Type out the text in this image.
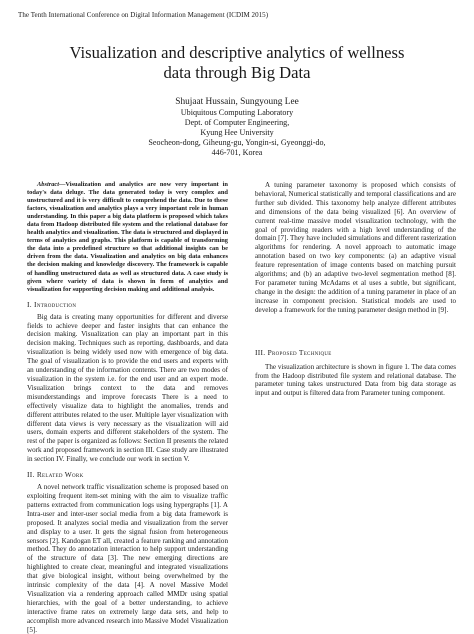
The Tenth International Conference on Digital Information Management (ICDIM 2015)
Visualization and descriptive analytics of wellness
data through Big Data
Shujaat Hussain, Sungyoung Lee
Ubiquitous Computing Laboratory
Dept. of Computer Engineering,
Kyung Hee University
Seocheon-dong, Giheung-gu, Yongin-si, Gyeonggi-do,
446-701, Korea

Abstract—Visualization and analytics are now very important in today's data deluge. The data generated today is very complex and unstructured and it is very difficult to comprehend the data. Due to these factors, visualization and analytics plays a very important role in human understanding. In this paper a big data platform is proposed which takes data from Hadoop distributed file system and the relational database for health analytics and visualization. The data is structured and displayed in terms of analytics and graphs. This platform is capable of transforming the data into a predefined structure so that additional insights can be driven from the data. Visualization and analytics on big data enhances the decision making and knowledge discovery. The framework is capable of handling unstructured data as well as structured data. A case study is given where variety of data is shown in form of analytics and visualization for supporting decision making and additional analysis.

I. Introduction

Big data is creating many opportunities for different and diverse fields to achieve deeper and faster insights that can enhance the decision making. Visualization can play an important part in this decision making. Techniques such as reporting, dashboards, and data visualization is being widely used now with emergence of big data. The goal of visualization is to provide the end users and experts with an understanding of the information contents. There are two modes of visualization in the system i.e. for the end user and an expert mode. Visualization brings context to the data and removes misunderstandings and improve forecasts There is a need to effectively visualize data to highlight the anomalies, trends and different attributes related to the user. Multiple layer visualization with different data views is very necessary as the visualization will aid users, domain experts and different stakeholders of the system. The rest of the paper is organized as follows: Section II presents the related work and proposed framework in section III. Case study are illustrated in section IV. Finally, we conclude our work in section V.

II. Related Work

A novel network traffic visualization scheme is proposed based on exploiting frequent item-set mining with the aim to visualize traffic patterns extracted from communication logs using hypergraphs [1]. A Intra-user and inter-user social media from a big data framework is proposed. It analyzes social media and visualization from the server and display to a user. It gets the signal fusion from heterogeneous sensors [2]. Kandogan ET all, created a feature ranking and annotation method. They do annotation interaction to help support understanding of the structure of data [3]. The new emerging directions are highlighted to create clear, meaningful and integrated visualizations that give biological insight, without being overwhelmed by the intrinsic complexity of the data [4]. A novel Massive Model Visualization via a rendering approach called MMDr using spatial hierarchies, with the goal of a better understanding, to achieve interactive frame rates on extremely large data sets, and help to accomplish more advanced research into Massive Model Visualization [5].

A tuning parameter taxonomy is proposed which consists of behavioral, Numerical statistically and temporal classifications and are further sub divided. This taxonomy help analyze different attributes and dimensions of the data being visualized [6]. An overview of current real-time massive model visualization technology, with the goal of providing readers with a high level understanding of the domain [7]. They have included simulations and different rasterization algorithms for rendering. A novel approach to automatic image annotation based on two key components: (a) an adaptive visual feature representation of image contents based on matching pursuit algorithms; and (b) an adaptive two-level segmentation method [8]. For parameter tuning McAdams et al uses a subtle, but significant, change in the design: the addition of a tuning parameter in place of an increase in component precision. Statistical models are used to develop a framework for the tuning parameter design method in [9].

III. Proposed Technique

The visualization architecture is shown in figure 1. The data comes from the Hadoop distributed file system and relational database. The parameter tuning takes unstructured Data from big data storage as input and output is filtered data from Parameter tuning component.
